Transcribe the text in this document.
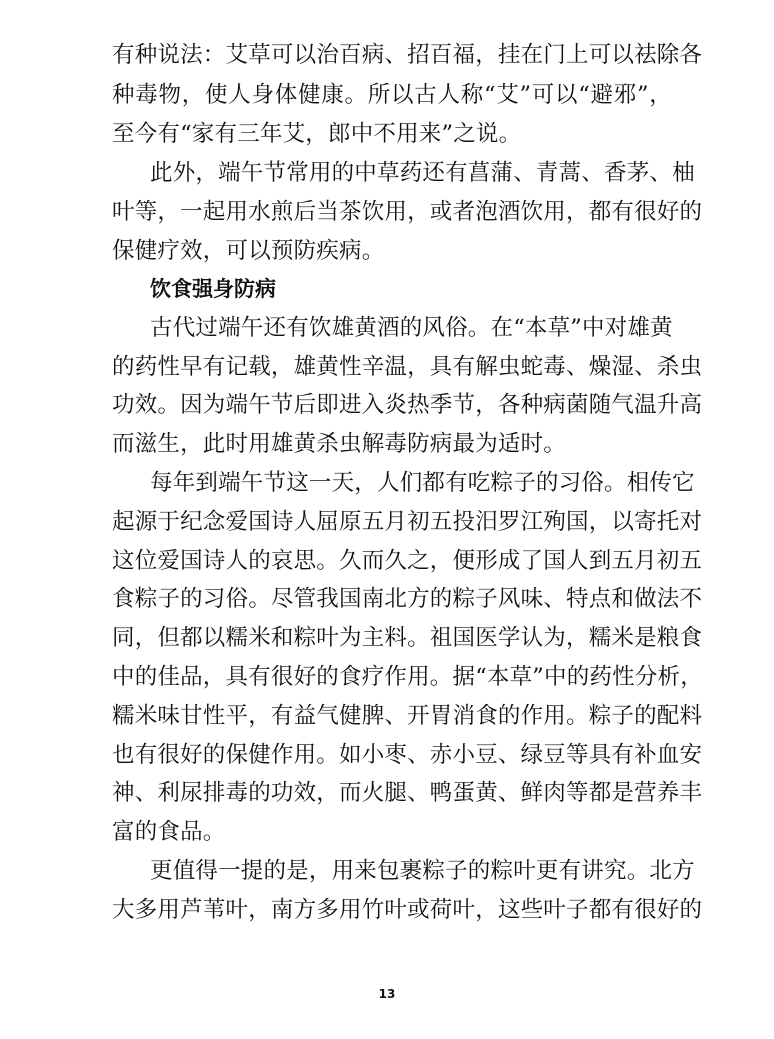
有种说法：艾草可以治百病、招百福，挂在门上可以祛除各
种毒物，使人身体健康。所以古人称“艾”可以“避邪”，
至今有“家有三年艾，郎中不用来”之说。
此外，端午节常用的中草药还有菖蒲、青蒿、香茅、柚
叶等，一起用水煎后当茶饮用，或者泡酒饮用，都有很好的
保健疗效，可以预防疾病。
饮食强身防病
古代过端午还有饮雄黄酒的风俗。在“本草”中对雄黄
的药性早有记载，雄黄性辛温，具有解虫蛇毒、燥湿、杀虫
功效。因为端午节后即进入炎热季节，各种病菌随气温升高
而滋生，此时用雄黄杀虫解毒防病最为适时。
每年到端午节这一天，人们都有吃粽子的习俗。相传它
起源于纪念爱国诗人屈原五月初五投汨罗江殉国，以寄托对
这位爱国诗人的哀思。久而久之，便形成了国人到五月初五
食粽子的习俗。尽管我国南北方的粽子风味、特点和做法不
同，但都以糯米和粽叶为主料。祖国医学认为，糯米是粮食
中的佳品，具有很好的食疗作用。据“本草”中的药性分析，
糯米味甘性平，有益气健脾、开胃消食的作用。粽子的配料
也有很好的保健作用。如小枣、赤小豆、绿豆等具有补血安
神、利尿排毒的功效，而火腿、鸭蛋黄、鲜肉等都是营养丰
富的食品。
更值得一提的是，用来包裹粽子的粽叶更有讲究。北方
大多用芦苇叶，南方多用竹叶或荷叶，这些叶子都有很好的
13
